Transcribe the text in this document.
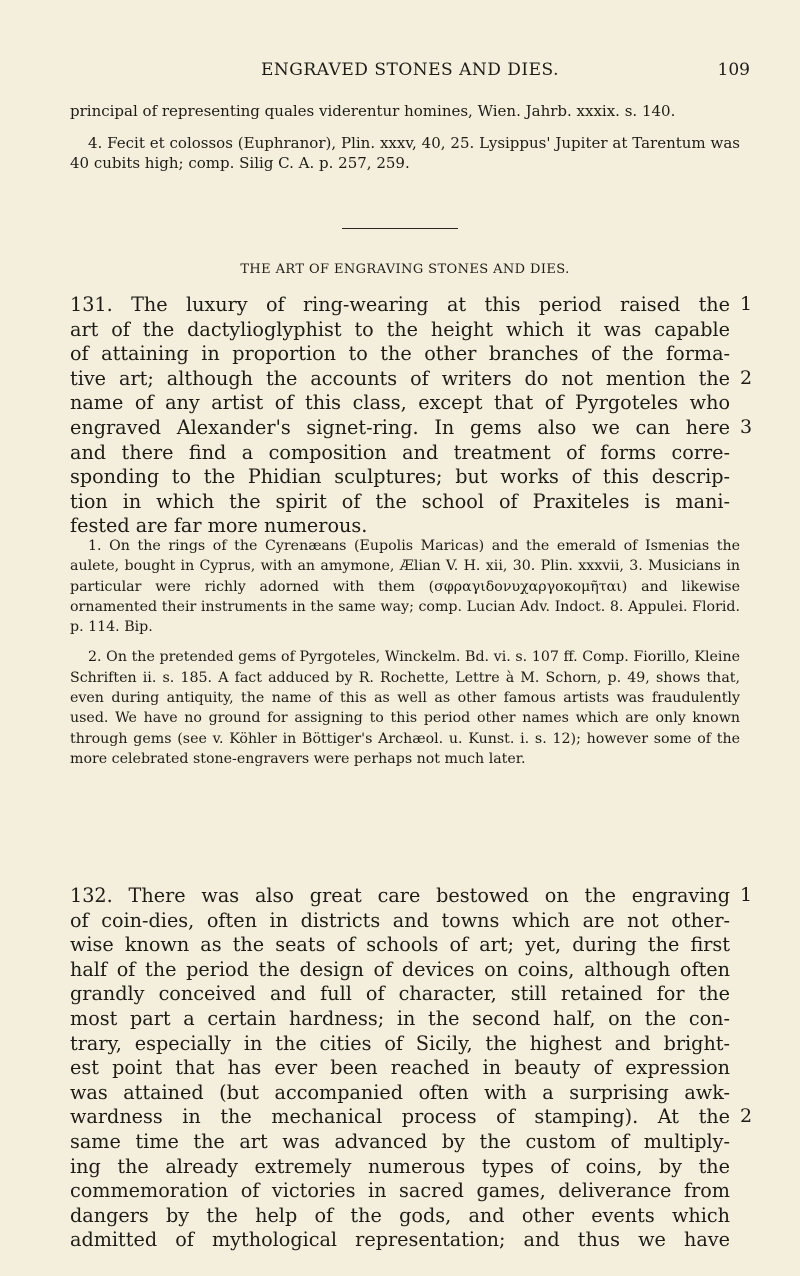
ENGRAVED STONES AND DIES.	109

principal of representing quales viderentur homines, Wien. Jahrb. xxxix. s. 140.

4. Fecit et colossos (Euphranor), Plin. xxxv, 40, 25. Lysippus' Jupiter at Tarentum was 40 cubits high; comp. Silig C. A. p. 257, 259.

THE ART OF ENGRAVING STONES AND DIES.
131. The luxury of ring-wearing at this period raised the
art of the dactylioglyphist to the height which it was capable
of attaining in proportion to the other branches of the forma-
tive art; although the accounts of writers do not mention the
name of any artist of this class, except that of Pyrgoteles who
engraved Alexander's signet-ring. In gems also we can here
and there find a composition and treatment of forms corre-
sponding to the Phidian sculptures; but works of this descrip-
tion in which the spirit of the school of Praxiteles is mani-
fested are far more numerous.
1
2
3

1. On the rings of the Cyrenæans (Eupolis Maricas) and the emerald of Ismenias the aulete, bought in Cyprus, with an amymone, Ælian V. H. xii, 30. Plin. xxxvii, 3. Musicians in particular were richly adorned with them (σφραγιδονυχαργοκομῆται) and likewise ornamented their instruments in the same way; comp. Lucian Adv. Indoct. 8. Appulei. Florid. p. 114. Bip.

2. On the pretended gems of Pyrgoteles, Winckelm. Bd. vi. s. 107 ff. Comp. Fiorillo, Kleine Schriften ii. s. 185. A fact adduced by R. Rochette, Lettre à M. Schorn, p. 49, shows that, even during antiquity, the name of this as well as other famous artists was fraudulently used. We have no ground for assigning to this period other names which are only known through gems (see v. Köhler in Böttiger's Archæol. u. Kunst. i. s. 12); however some of the more celebrated stone-engravers were perhaps not much later.

132. There was also great care bestowed on the engraving
of coin-dies, often in districts and towns which are not other-
wise known as the seats of schools of art; yet, during the first
half of the period the design of devices on coins, although often
grandly conceived and full of character, still retained for the
most part a certain hardness; in the second half, on the con-
trary, especially in the cities of Sicily, the highest and bright-
est point that has ever been reached in beauty of expression
was attained (but accompanied often with a surprising awk-
wardness in the mechanical process of stamping). At the
same time the art was advanced by the custom of multiply-
ing the already extremely numerous types of coins, by the
commemoration of victories in sacred games, deliverance from
dangers by the help of the gods, and other events which
admitted of mythological representation; and thus we have
1
2
